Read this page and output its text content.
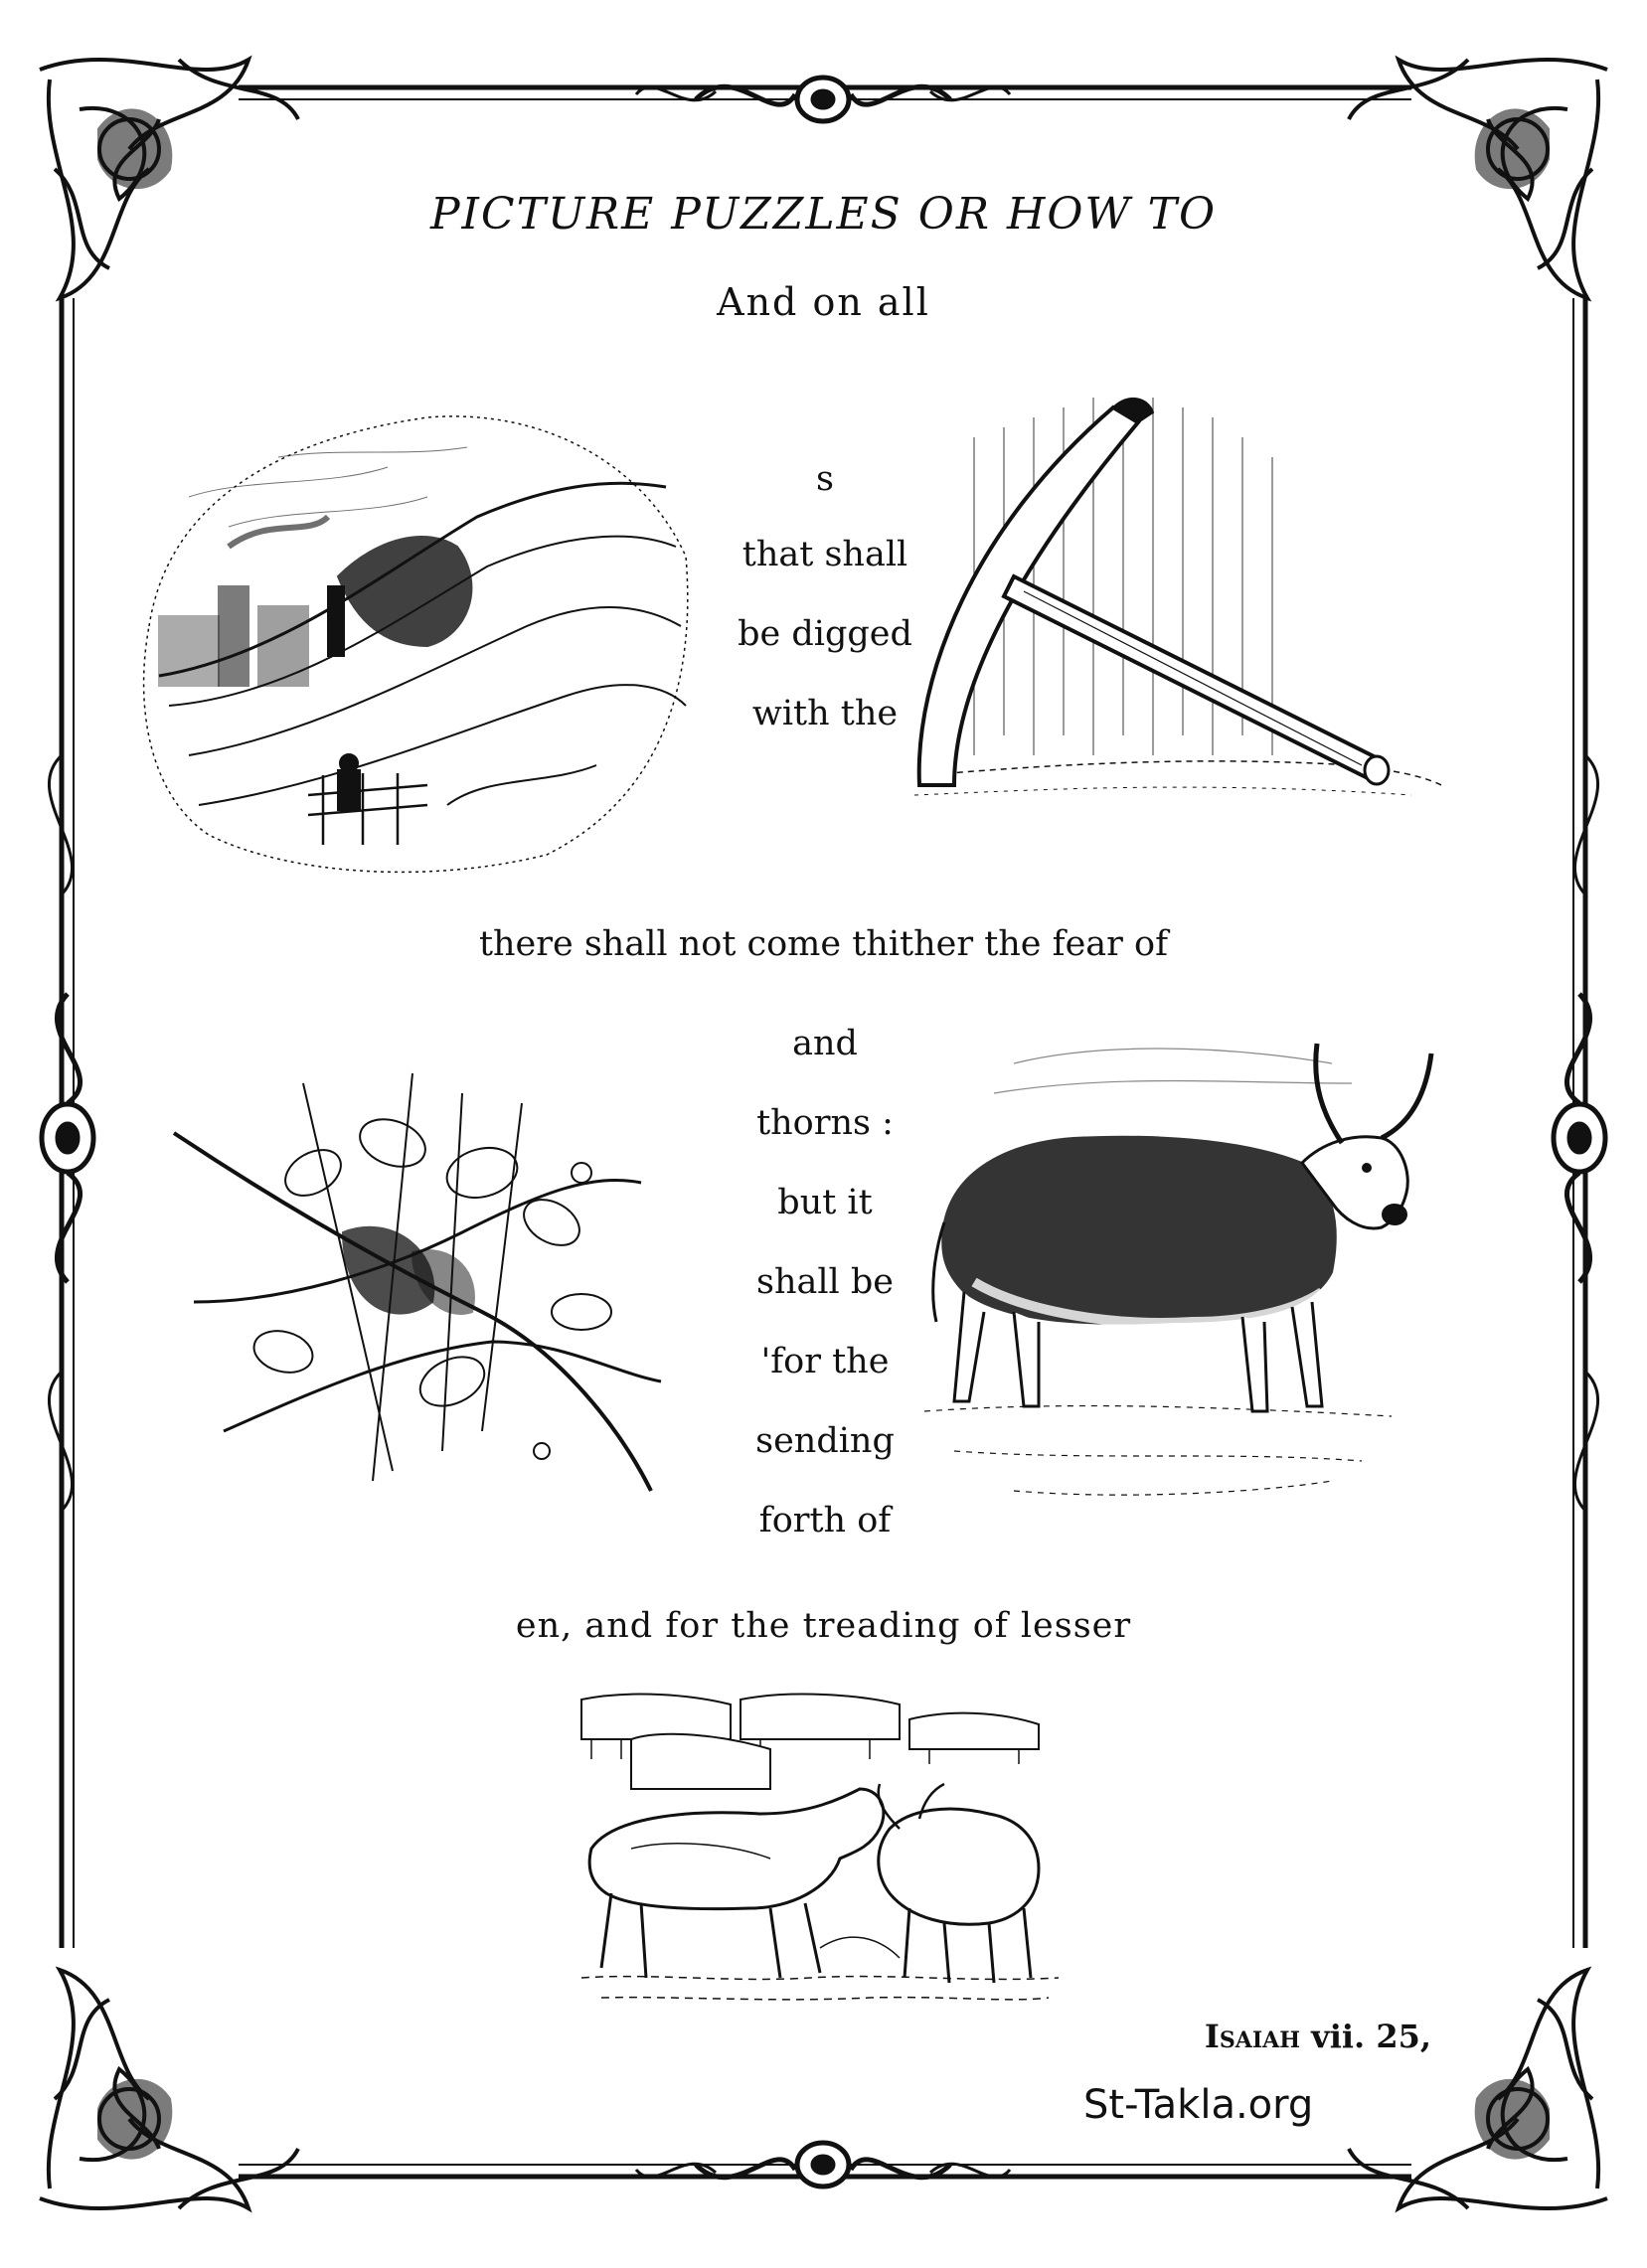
PICTURE PUZZLES OR HOW TO
And on all
s
that shall
be digged
with the
there shall not come thither the fear of
and
thorns :
but it
shall be
'for the
sending
forth of
en, and for the treading of lesser
Isaiah vii. 25,
St-Takla.org
